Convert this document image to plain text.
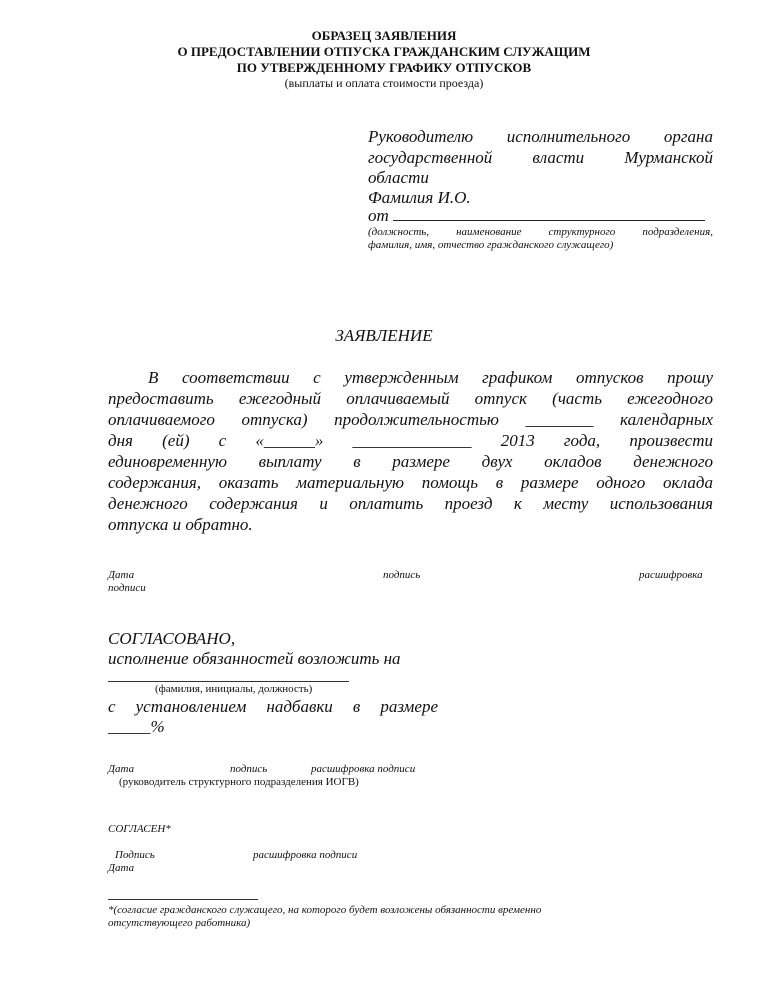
ОБРАЗЕЦ ЗАЯВЛЕНИЯ
О ПРЕДОСТАВЛЕНИИ ОТПУСКА ГРАЖДАНСКИМ СЛУЖАЩИМ
ПО УТВЕРЖДЕННОМУ ГРАФИКУ ОТПУСКОВ
(выплаты и оплата стоимости проезда)
Руководителю исполнительного органа
государственной власти Мурманской
области
Фамилия И.О.
от
(должность, наименование структурного подразделения,
фамилия, имя, отчество гражданского служащего)
ЗАЯВЛЕНИЕ
В соответствии с утвержденным графиком отпусков прошу
предоставить ежегодный оплачиваемый отпуск (часть ежегодного
оплачиваемого отпуска) продолжительностью ________ календарных
дня (ей) с «______» ______________ 2013 года, произвести
единовременную выплату в размере двух окладов денежного
содержания, оказать материальную помощь в размере одного оклада
денежного содержания и оплатить проезд к месту использования
отпуска и обратно.
Дата
подписи
подпись	расшифровка
СОГЛАСОВАНО,
исполнение обязанностей возложить на
(фамилия, инициалы, должность)
с установлением надбавки в размере
_____%
Дата	подпись	расшифровка подписи
(руководитель структурного подразделения ИОГВ)
СОГЛАСЕН*
Подпись	расшифровка подписи
Дата
*(согласие гражданского служащего, на которого будет возложены обязанности временно
отсутствующего работника)
